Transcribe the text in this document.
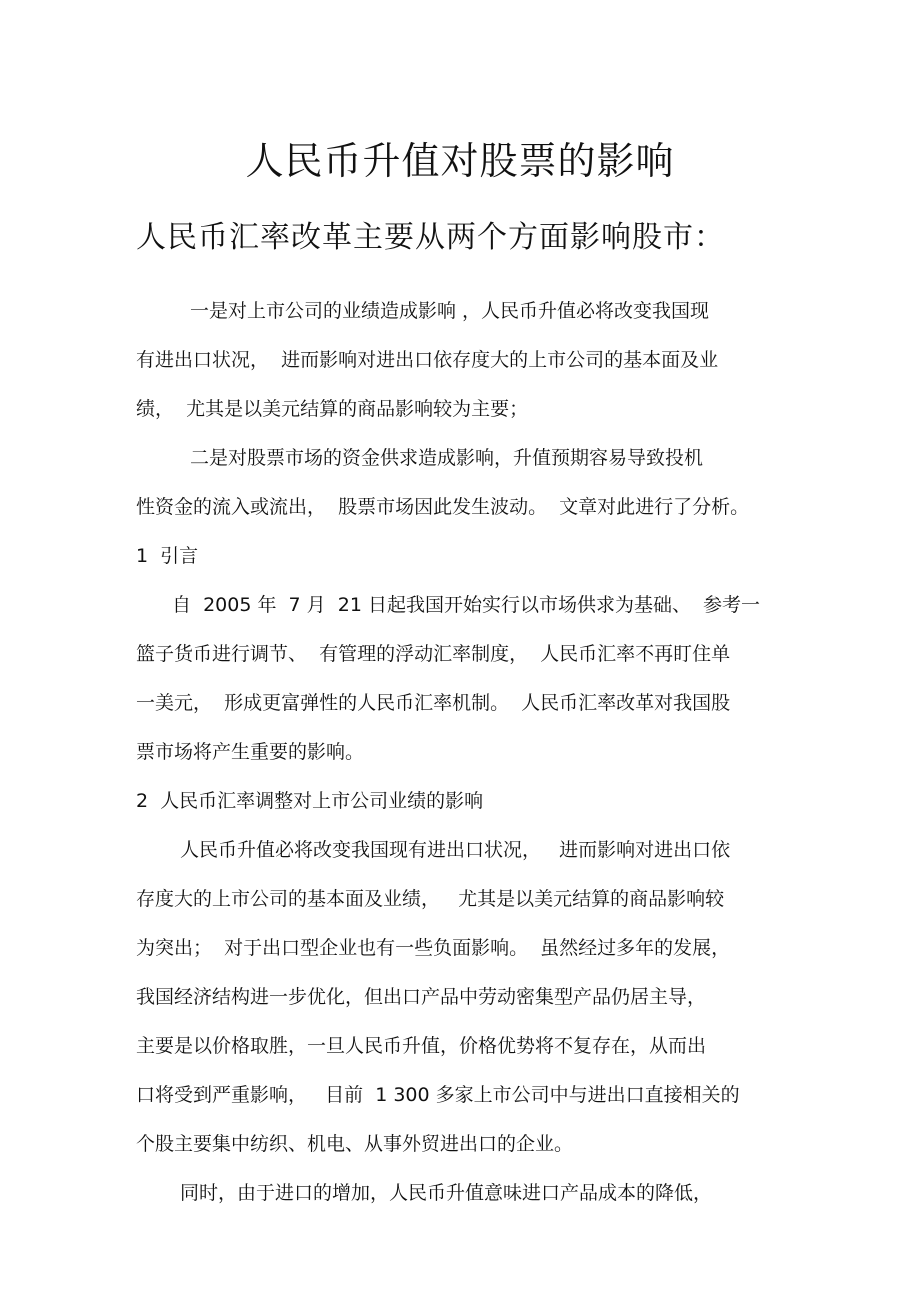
人民币升值对股票的影响
人民币汇率改革主要从两个方面影响股市：

一是对上市公司的业绩造成影响 ，人民币升值必将改变我国现

有进出口状况，  进而影响对进出口依存度大的上市公司的基本面及业

绩，  尤其是以美元结算的商品影响较为主要；

二是对股票市场的资金供求造成影响，升值预期容易导致投机

性资金的流入或流出，  股票市场因此发生波动。  文章对此进行了分析。

1  引言

自  2005 年  7 月  21 日起我国开始实行以市场供求为基础、  参考一

篮子货币进行调节、  有管理的浮动汇率制度，  人民币汇率不再盯住单

一美元，  形成更富弹性的人民币汇率机制。  人民币汇率改革对我国股

票市场将产生重要的影响。

2  人民币汇率调整对上市公司业绩的影响

人民币升值必将改变我国现有进出口状况，   进而影响对进出口依

存度大的上市公司的基本面及业绩，   尤其是以美元结算的商品影响较

为突出；  对于出口型企业也有一些负面影响。  虽然经过多年的发展，

我国经济结构进一步优化，但出口产品中劳动密集型产品仍居主导，

主要是以价格取胜，一旦人民币升值，价格优势将不复存在，从而出

口将受到严重影响，   目前  1 300 多家上市公司中与进出口直接相关的

个股主要集中纺织、机电、从事外贸进出口的企业。

同时，由于进口的增加，人民币升值意味进口产品成本的降低，
